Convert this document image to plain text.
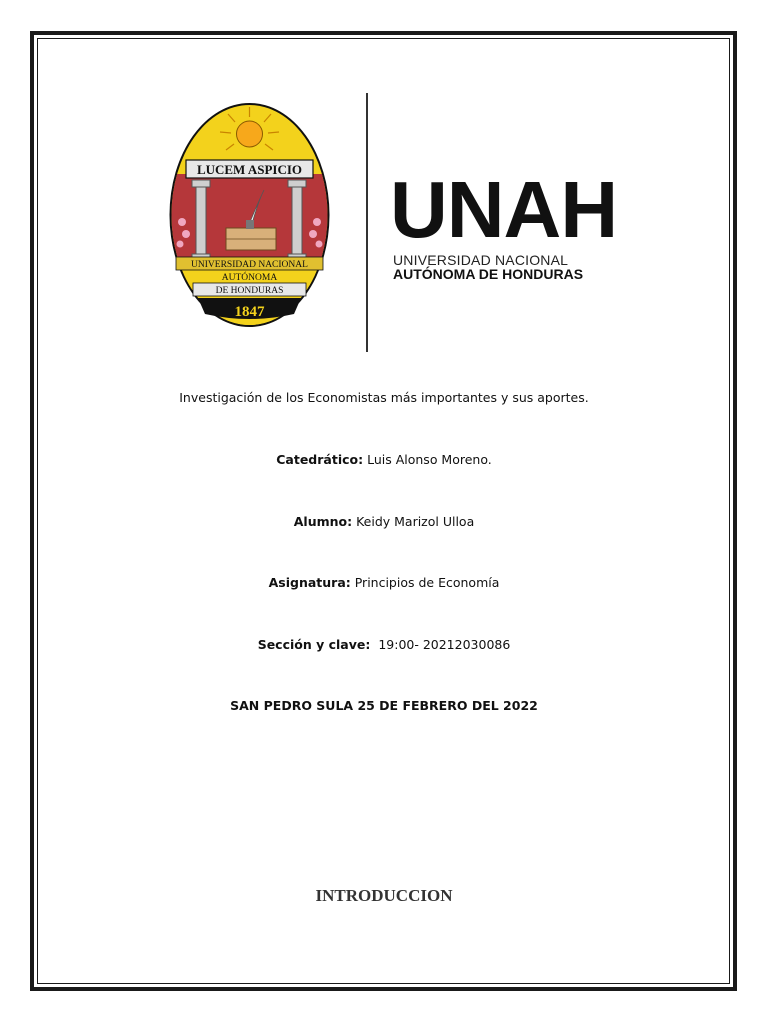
LUCEM ASPICIO
UNIVERSIDAD NACIONAL
AUTÓNOMA
DE HONDURAS
1847
UNAH
UNIVERSIDAD NACIONAL
AUTÓNOMA DE HONDURAS
Investigación de los Economistas más importantes y sus aportes.
Catedrático: Luis Alonso Moreno.
Alumno: Keidy Marizol Ulloa
Asignatura: Principios de Economía
Sección y clave:  19:00- 20212030086
SAN PEDRO SULA 25 DE FEBRERO DEL 2022
INTRODUCCION
